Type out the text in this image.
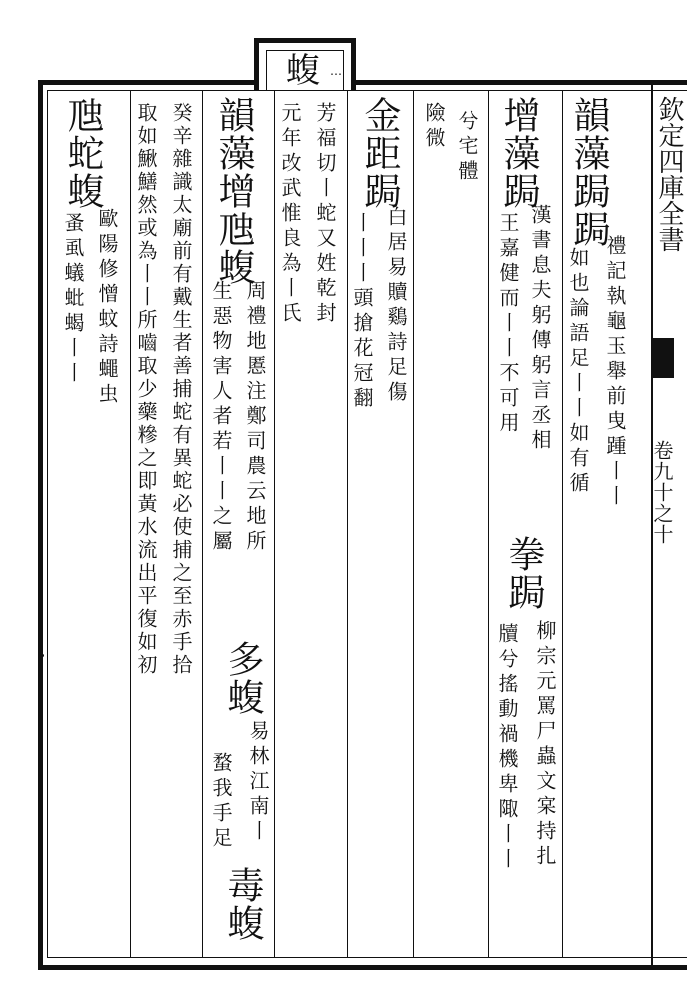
蝮 …
欽定四庫全書
卷九十之十
韻藻跼跼
禮記執龜玉舉前曳踵丨丨
如也論語足丨丨如有循
增藻跼
漢書息夫躬傳躬言丞相
王嘉健而丨丨不可用
拳跼
柳宗元罵尸蟲文宲持扎
牘兮搖動禍機卑陬丨丨
兮宅體
險微
金距跼
白居易贖鷄詩足傷
丨丨丨頭搶花冠翻
芳福切丨蛇又姓乾封
元年改武惟良為丨氏
韻藻增虺蝮
周禮地慝注鄭司農云地所
生惡物害人者若丨丨之屬
多蝮
易林江南丨
蝥我手足
毒蝮
癸辛雜識太廟前有戴生者善捕蛇有異蛇必使捕之至赤手拾
取如鰍鱔然或為丨丨所嚙取少藥糝之即黃水流出平復如初
虺蛇蝮
歐陽修憎蚊詩蠅虫
蚤虱蟻蚍蝎丨丨
